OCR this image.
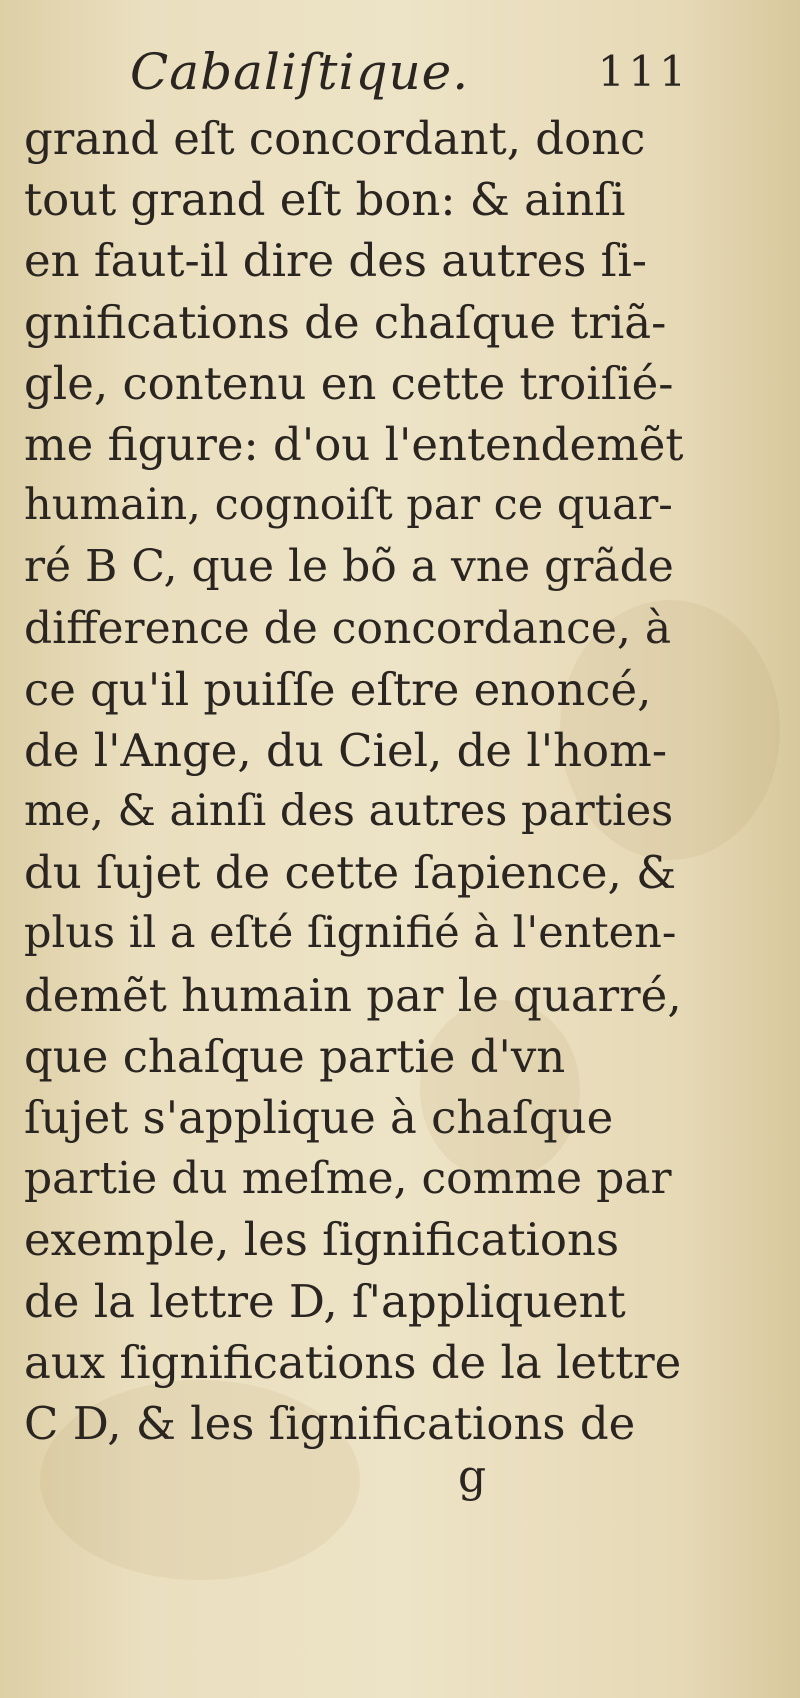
Cabaliſtique.	111
grand eſt concordant, donc
tout grand eſt bon: & ainſi
en faut-il dire des autres ſi-
gnifications de chaſque triã-
gle, contenu en cette troiſié-
me figure: d'ou l'entendemẽt
humain, cognoiſt par ce quar-
ré B C, que le bõ a vne grãde
difference de concordance, à
ce qu'il puiſſe eſtre enoncé,
de l'Ange, du Ciel, de l'hom-
me, & ainſi des autres parties
du ſujet de cette ſapience, &
plus il a eſté ſignifié à l'enten-
demẽt humain par le quarré,
que chaſque partie d'vn
ſujet s'applique à chaſque
partie du meſme, comme par
exemple, les ſignifications
de la lettre D, ſ'appliquent
aux ſignifications de la lettre
C D, & les ſignifications de
g
